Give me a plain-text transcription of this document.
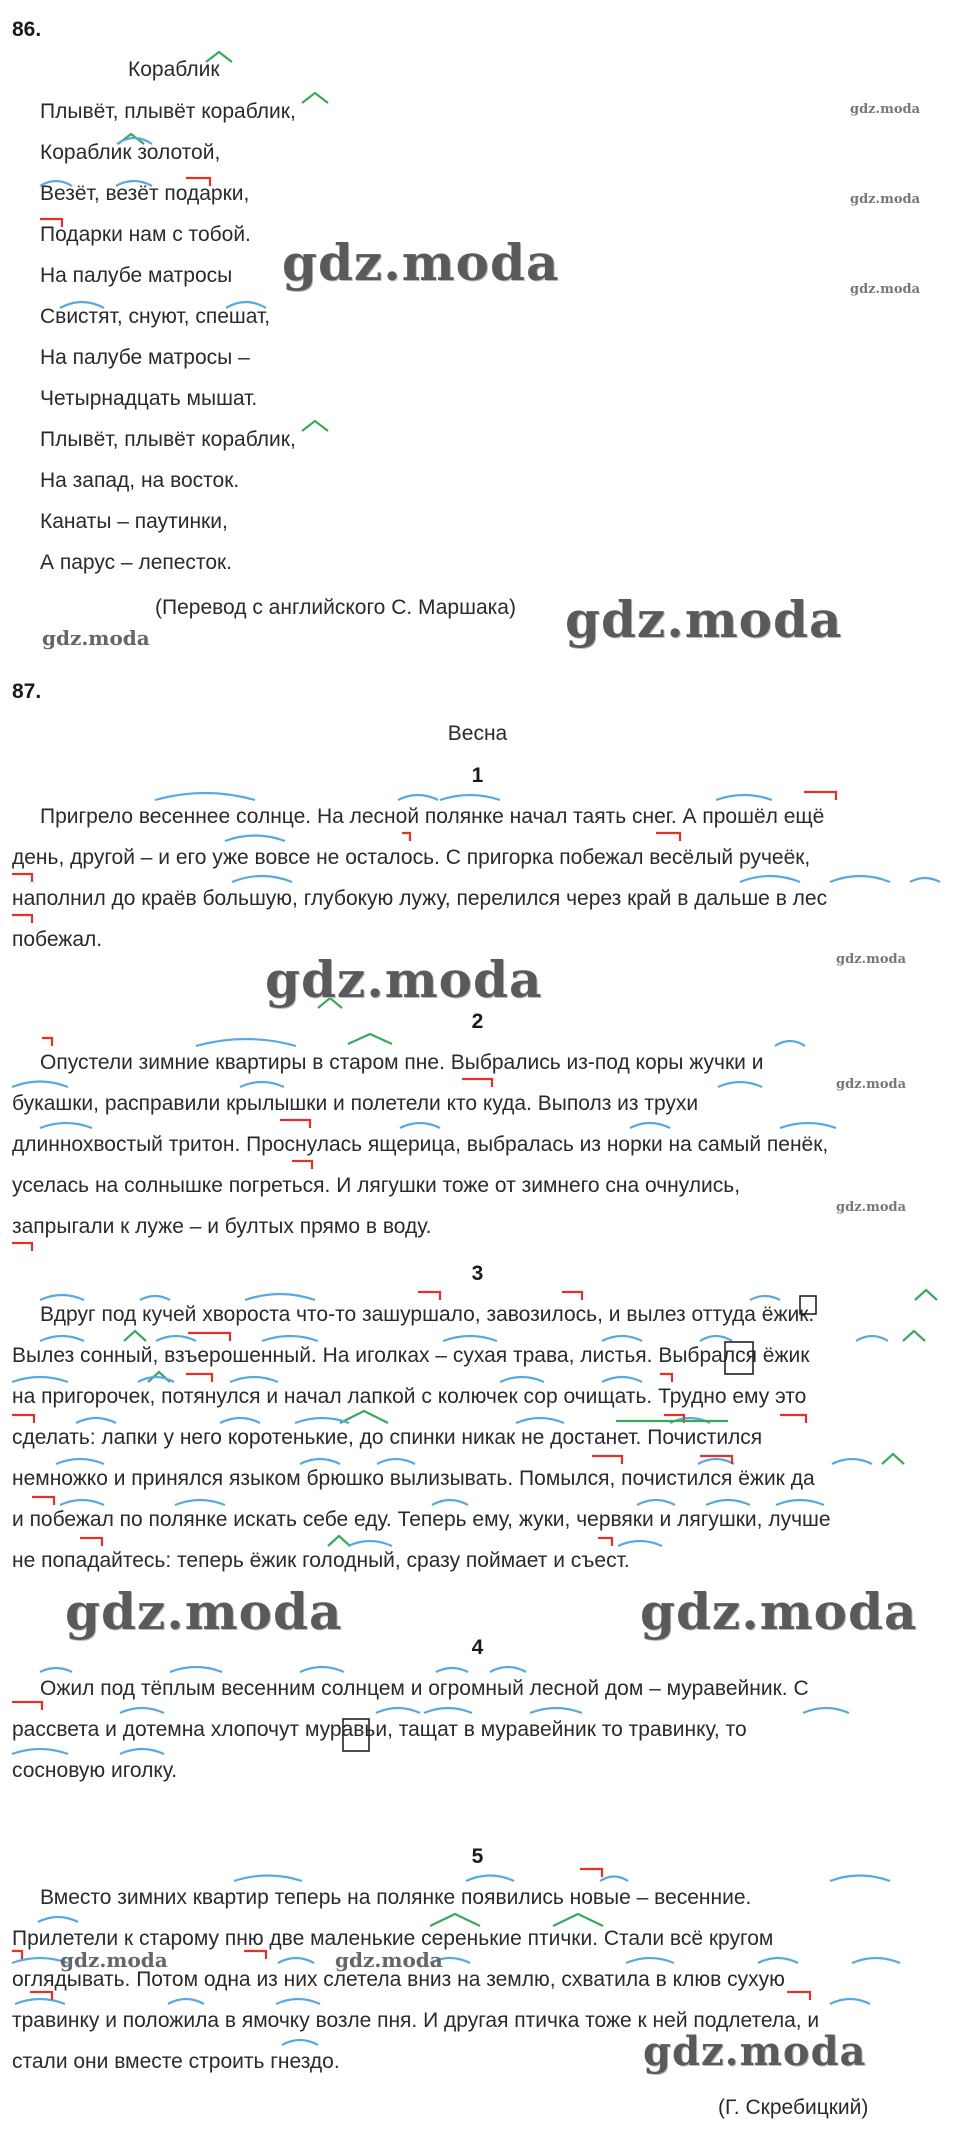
86.
Кораблик
Плывёт, плывёт кораблик,
Кораблик золотой,
Везёт, везёт подарки,
Подарки нам с тобой.
На палубе матросы
Свистят, снуют, спешат,
На палубе матросы –
Четырнадцать мышат.
Плывёт, плывёт кораблик,
На запад, на восток.
Канаты – паутинки,
А парус – лепесток.
(Перевод с английского С. Маршака)
87.
Весна
1
Пригрело весеннее солнце. На лесной полянке начал таять снег. А прошёл ещё
день, другой – и его уже вовсе не осталось. С пригорка побежал весёлый ручеёк,
наполнил до краёв большую, глубокую лужу, перелился через край в дальше в лес
побежал.
2
Опустели зимние квартиры в старом пне. Выбрались из-под коры жучки и
букашки, расправили крылышки и полетели кто куда. Выполз из трухи
длиннохвостый тритон. Проснулась ящерица, выбралась из норки на самый пенёк,
уселась на солнышке погреться. И лягушки тоже от зимнего сна очнулись,
запрыгали к луже – и бултых прямо в воду.
3
Вдруг под кучей хвороста что-то зашуршало, завозилось, и вылез оттуда ёжик.
Вылез сонный, взъерошенный. На иголках – сухая трава, листья. Выбрался ёжик
на пригорочек, потянулся и начал лапкой с колючек сор очищать. Трудно ему это
сделать: лапки у него коротенькие, до спинки никак не достанет. Почистился
немножко и принялся языком брюшко вылизывать. Помылся, почистился ёжик да
и побежал по полянке искать себе еду. Теперь ему, жуки, червяки и лягушки, лучше
не попадайтесь: теперь ёжик голодный, сразу поймает и съест.
4
Ожил под тёплым весенним солнцем и огромный лесной дом – муравейник. С
рассвета и дотемна хлопочут муравьи, тащат в муравейник то травинку, то
сосновую иголку.
5
Вместо зимних квартир теперь на полянке появились новые – весенние.
Прилетели к старому пню две маленькие серенькие птички. Стали всё кругом
оглядывать. Потом одна из них слетела вниз на землю, схватила в клюв сухую
травинку и положила в ямочку возле пня. И другая птичка тоже к ней подлетела, и
стали они вместе строить гнездо.
(Г. Скребицкий)
gdz.moda
gdz.moda
gdz.moda
gdz.moda	gdz.moda
gdz.moda
gdz.moda
gdz.moda	gdz.moda
gdz.moda
gdz.moda
gdz.moda
gdz.moda
gdz.moda
gdz.moda
